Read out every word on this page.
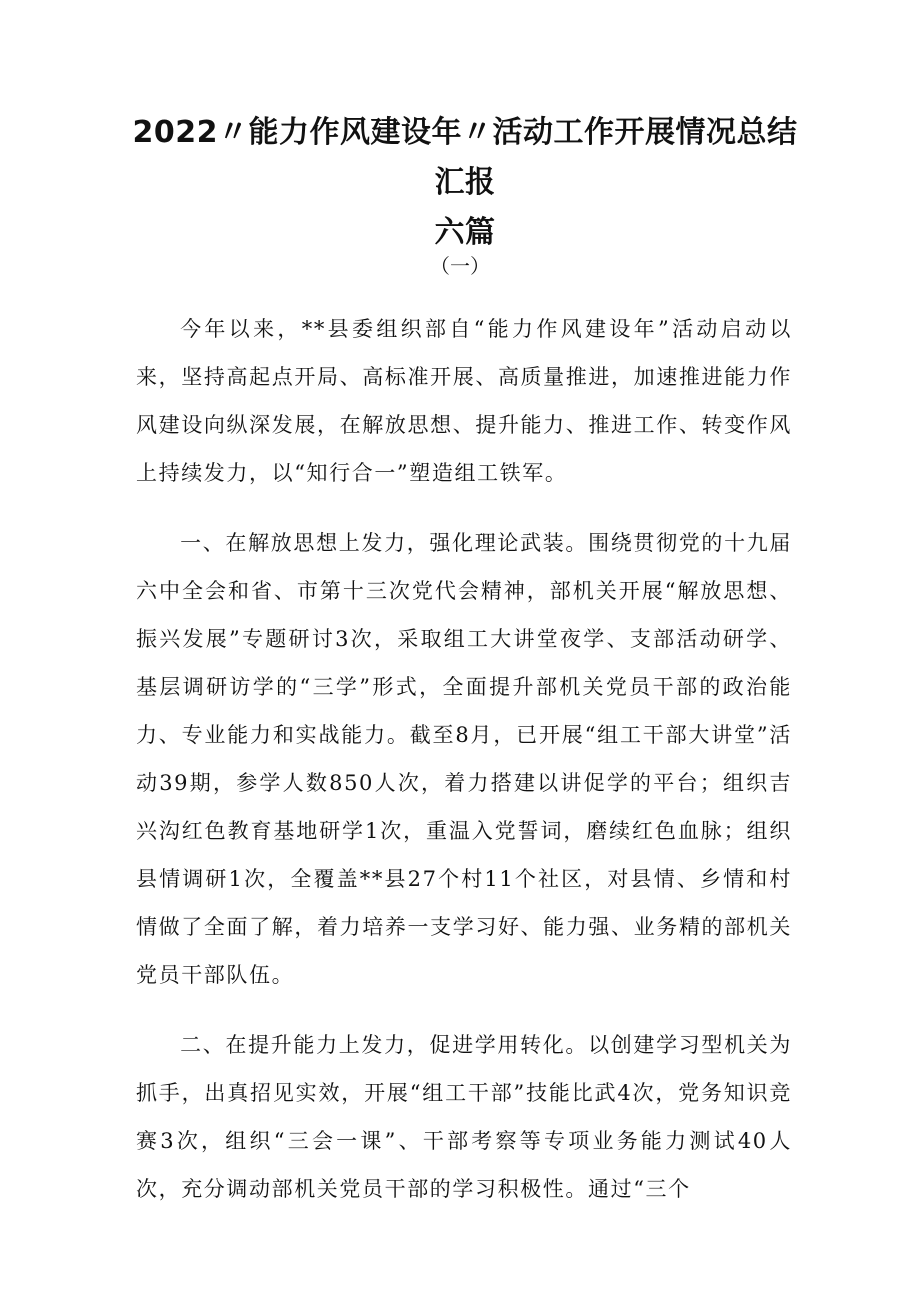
2022〃能力作风建设年〃活动工作开展情况总结汇报
六篇
（一）

今年以来，**县委组织部自“能力作风建设年”活动启动以来，坚持高起点开局、高标准开展、高质量推进，加速推进能力作风建设向纵深发展，在解放思想、提升能力、推进工作、转变作风上持续发力，以“知行合一”塑造组工铁军。

一、在解放思想上发力，强化理论武装。围绕贯彻党的十九届六中全会和省、市第十三次党代会精神，部机关开展“解放思想、振兴发展”专题研讨3次，采取组工大讲堂夜学、支部活动研学、基层调研访学的“三学”形式，全面提升部机关党员干部的政治能力、专业能力和实战能力。截至8月，已开展“组工干部大讲堂”活动39期，参学人数850人次，着力搭建以讲促学的平台；组织吉兴沟红色教育基地研学1次，重温入党誓词，磨续红色血脉；组织县情调研1次，全覆盖**县27个村11个社区，对县情、乡情和村情做了全面了解，着力培养一支学习好、能力强、业务精的部机关党员干部队伍。

二、在提升能力上发力，促进学用转化。以创建学习型机关为抓手，出真招见实效，开展“组工干部”技能比武4次，党务知识竞赛3次，组织“三会一课”、干部考察等专项业务能力测试40人次，充分调动部机关党员干部的学习积极性。通过“三个
